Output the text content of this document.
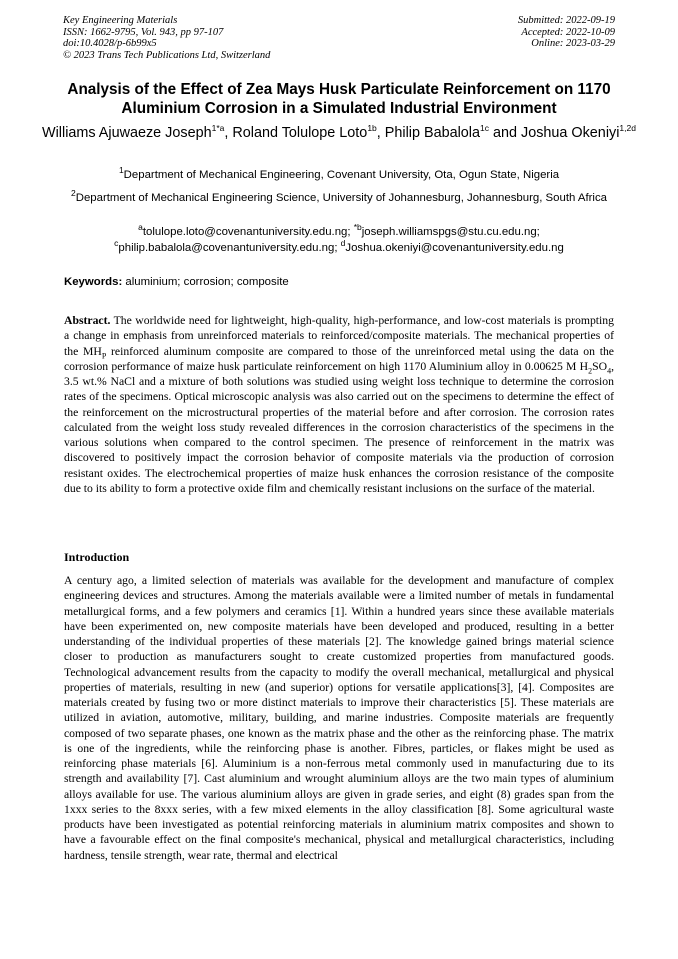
Key Engineering Materials
ISSN: 1662-9795, Vol. 943, pp 97-107
doi:10.4028/p-6b99x5
© 2023 Trans Tech Publications Ltd, Switzerland
Submitted: 2022-09-19
Accepted: 2022-10-09
Online: 2023-03-29
Analysis of the Effect of Zea Mays Husk Particulate Reinforcement on 1170 Aluminium Corrosion in a Simulated Industrial Environment
Williams Ajuwaeze Joseph$^{1*a}$, Roland Tolulope Loto$^{1b}$, Philip Babalola$^{1c}$ and Joshua Okeniyi$^{1,2d}$
$^1$Department of Mechanical Engineering, Covenant University, Ota, Ogun State, Nigeria
$^2$Department of Mechanical Engineering Science, University of Johannesburg, Johannesburg, South Africa
$^a$tolulope.loto@covenantuniversity.edu.ng; $^{*b}$joseph.williamspgs@stu.cu.edu.ng;
$^c$philip.babalola@covenantuniversity.edu.ng; $^d$Joshua.okeniyi@covenantuniversity.edu.ng
Keywords: aluminium; corrosion; composite

Abstract. The worldwide need for lightweight, high-quality, high-performance, and low-cost materials is prompting a change in emphasis from unreinforced materials to reinforced/composite materials. The mechanical properties of the $MH_P$ reinforced aluminum composite are compared to those of the unreinforced metal using the data on the corrosion performance of maize husk particulate reinforcement on high 1170 Aluminium alloy in 0.00625 M $H_2SO_4$, 3.5 wt.% NaCl and a mixture of both solutions was studied using weight loss technique to determine the corrosion rates of the specimens. Optical microscopic analysis was also carried out on the specimens to determine the effect of the reinforcement on the microstructural properties of the material before and after corrosion. The corrosion rates calculated from the weight loss study revealed differences in the corrosion characteristics of the specimens in the various solutions when compared to the control specimen. The presence of reinforcement in the matrix was discovered to positively impact the corrosion behavior of composite materials via the production of corrosion resistant oxides. The electrochemical properties of maize husk enhances the corrosion resistance of the composite due to its ability to form a protective oxide film and chemically resistant inclusions on the surface of the material.

Introduction

A century ago, a limited selection of materials was available for the development and manufacture of complex engineering devices and structures. Among the materials available were a limited number of metals in fundamental metallurgical forms, and a few polymers and ceramics [1]. Within a hundred years since these available materials have been experimented on, new composite materials have been developed and produced, resulting in a better understanding of the individual properties of these materials [2]. The knowledge gained brings material science closer to production as manufacturers sought to create customized properties from manufactured goods. Technological advancement results from the capacity to modify the overall mechanical, metallurgical and physical properties of materials, resulting in new (and superior) options for versatile applications[3], [4]. Composites are materials created by fusing two or more distinct materials to improve their characteristics [5]. These materials are utilized in aviation, automotive, military, building, and marine industries. Composite materials are frequently composed of two separate phases, one known as the matrix phase and the other as the reinforcing phase. The matrix is one of the ingredients, while the reinforcing phase is another. Fibres, particles, or flakes might be used as reinforcing phase materials [6]. Aluminium is a non-ferrous metal commonly used in manufacturing due to its strength and availability [7]. Cast aluminium and wrought aluminium alloys are the two main types of aluminium alloys available for use. The various aluminium alloys are given in grade series, and eight (8) grades span from the 1xxx series to the 8xxx series, with a few mixed elements in the alloy classification [8]. Some agricultural waste products have been investigated as potential reinforcing materials in aluminium matrix composites and shown to have a favourable effect on the final composite's mechanical, physical and metallurgical characteristics, including hardness, tensile strength, wear rate, thermal and electrical
